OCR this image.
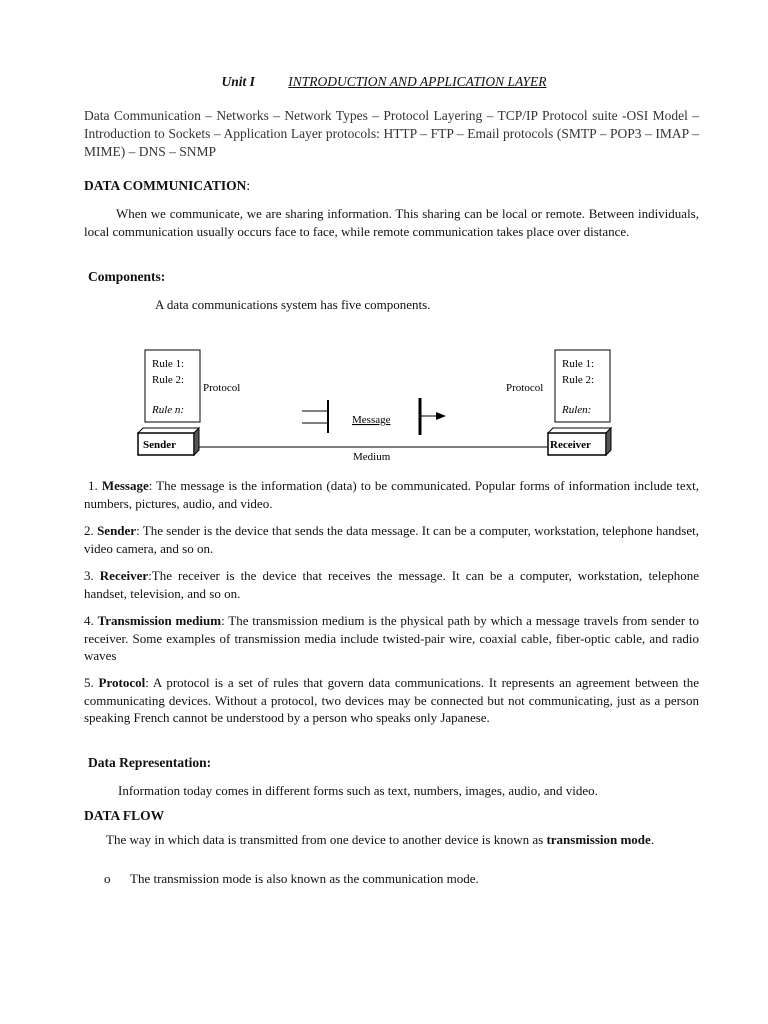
Unit I INTRODUCTION AND APPLICATION LAYER
Data Communication – Networks – Network Types – Protocol Layering – TCP/IP Protocol suite -OSI Model – Introduction to Sockets – Application Layer protocols: HTTP – FTP – Email protocols (SMTP – POP3 – IMAP – MIME) – DNS – SNMP
DATA COMMUNICATION:
When we communicate, we are sharing information. This sharing can be local or remote. Between individuals, local communication usually occurs face to face, while remote communication takes place over distance.
Components:
A data communications system has five components.
Rule 1:
Rule 2:
Rule n:
Protocol
Rule 1:
Rule 2:
Rulen:
Protocol
Message
Medium
Sender	Receiver
1. Message: The message is the information (data) to be communicated. Popular forms of information include text, numbers, pictures, audio, and video.
2. Sender: The sender is the device that sends the data message. It can be a computer, workstation, telephone handset, video camera, and so on.
3. Receiver:The receiver is the device that receives the message. It can be a computer, workstation, telephone handset, television, and so on.
4. Transmission medium: The transmission medium is the physical path by which a message travels from sender to receiver. Some examples of transmission media include twisted-pair wire, coaxial cable, fiber-optic cable, and radio waves
5. Protocol: A protocol is a set of rules that govern data communications. It represents an agreement between the communicating devices. Without a protocol, two devices may be connected but not communicating, just as a person speaking French cannot be understood by a person who speaks only Japanese.
Data Representation:
Information today comes in different forms such as text, numbers, images, audio, and video.
DATA FLOW
The way in which data is transmitted from one device to another device is known as transmission mode.
o The transmission mode is also known as the communication mode.
